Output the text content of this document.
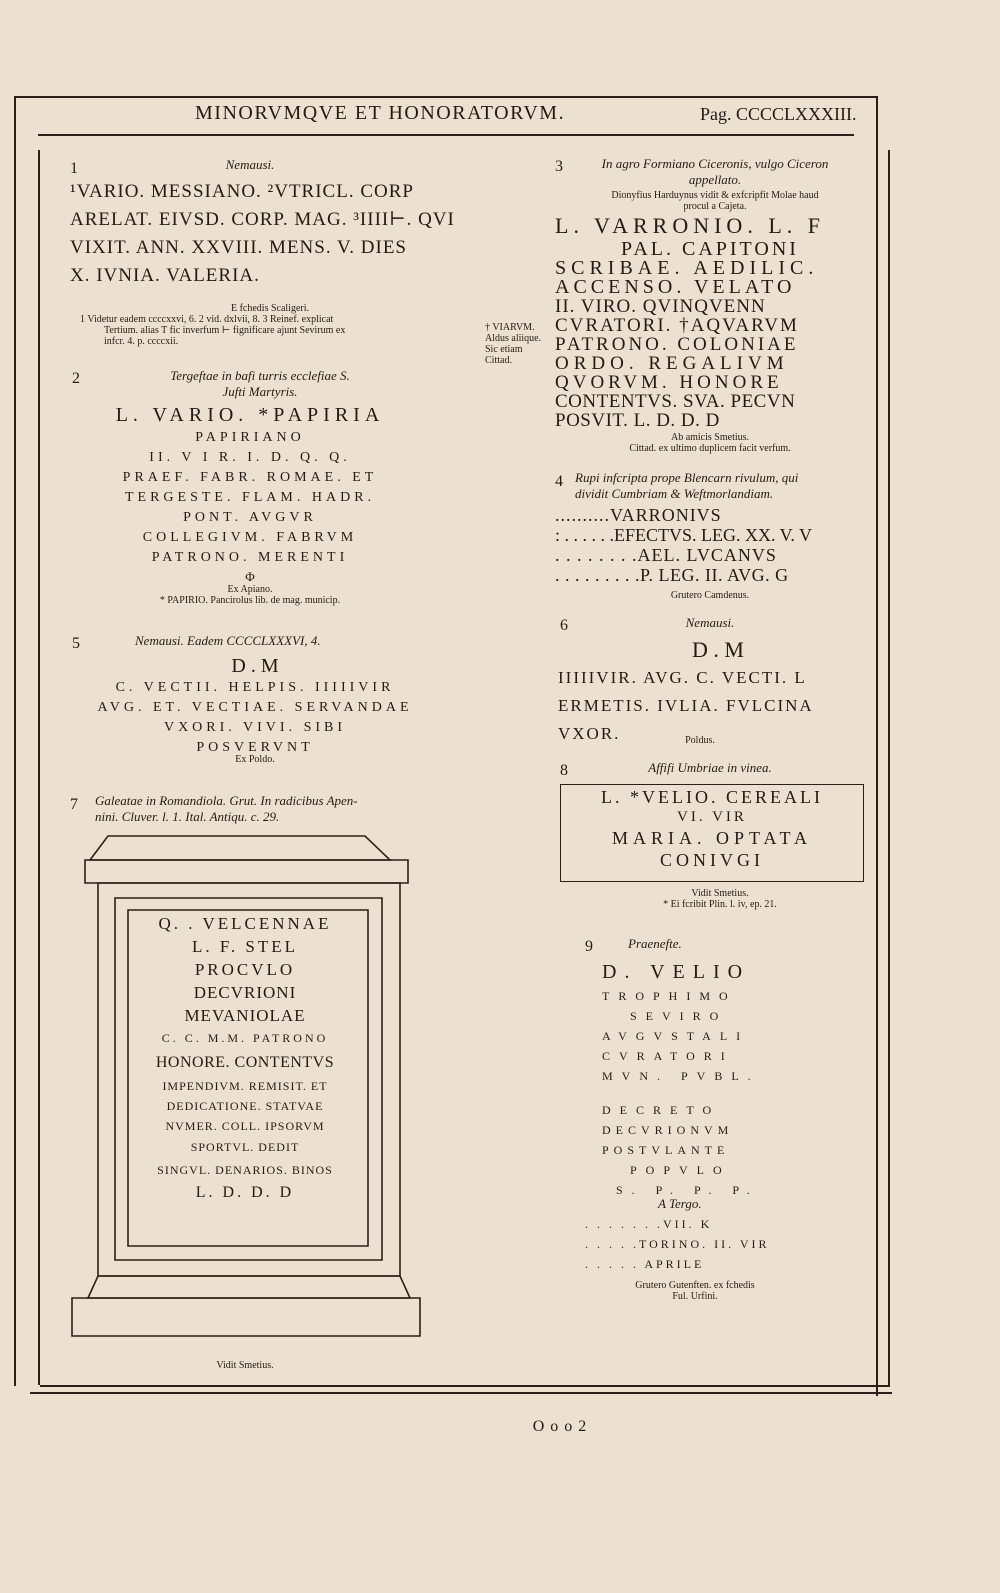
MINORVMQVE ET HONORATORVM.	Pag. CCCCLXXXIII.
1	Nemausi.
¹VARIO. MESSIANO. ²VTRICL. CORP
ARELAT. EIVSD. CORP. MAG. ³IIII⊢. QVI
VIXIT. ANN. XXVIII. MENS. V. DIES
X. IVNIA. VALERIA.
E fchedis Scaligeri.
1 Videtur eadem ccccxxvi, 6. 2 vid. dxlvii, 8. 3 Reinef. explicat
Tertium. alias T fic inverfum ⊢ fignificare ajunt Sevirum ex
infcr. 4. p. ccccxii.
2	Tergeftae in bafi turris ecclefiae S.
Jufti Martyris.
L. VARIO. *PAPIRIA
PAPIRIANO
II. V I R. I. D. Q. Q.
PRAEF. FABR. ROMAE. ET
TERGESTE. FLAM. HADR.
PONT. AVGVR
COLLEGIVM. FABRVM
PATRONO. MERENTI
Φ
Ex Apiano.
* PAPIRIO. Pancirolus lib. de mag. municip.
5	Nemausi. Eadem CCCCLXXXVI, 4.
D . M
C. VECTII. HELPIS. IIIIIVIR
AVG. ET. VECTIAE. SERVANDAE
VXORI. VIVI. SIBI
POSVERVNT
Ex Poldo.
7 Galeatae in Romandiola. Grut. In radicibus Apen-
nini. Cluver. l. 1. Ital. Antiqu. c. 29.
Q. . VELCENNAE
L. F. STEL
PROCVLO
DECVRIONI
MEVANIOLAE
C. C. M.M. PATRONO
HONORE. CONTENTVS
IMPENDIVM. REMISIT. ET
DEDICATIONE. STATVAE
NVMER. COLL. IPSORVM
SPORTVL. DEDIT
SINGVL. DENARIOS. BINOS
L. D. D. D
Vidit Smetius.
3	In agro Formiano Ciceronis, vulgo Ciceron
appellato.
Dionyfius Harduynus vidit & exfcripfit Molae haud
procul a Cajeta.
L. VARRONIO. L. F
PAL. CAPITONI
SCRIBAE. AEDILIC.
ACCENSO. VELATO
II. VIRO. QVINQVENN
CVRATORI. †AQVARVM
PATRONO. COLONIAE
ORDO. REGALIVM
QVORVM. HONORE
CONTENTVS. SVA. PECVN
POSVIT. L. D. D. D
† VIARVM.
Aldus aliique.
Sic etiam
Cittad.
Ab amicis Smetius.
Cittad. ex ultimo duplicem facit verfum.
4 Rupi infcripta prope Blencarn rivulum, qui
dividit Cumbriam & Weftmorlandiam.
..........VARRONIVS
: . . . . . .EFECTVS. LEG. XX. V. V
. . . . . . . .AEL. LVCANVS
. . . . . . . . .P. LEG. II. AVG. G
Grutero Camdenus.
6	Nemausi.
D . M
IIIIIVIR. AVG. C. VECTI. L
ERMETIS. IVLIA. FVLCINA
VXOR.	Poldus.
8	Affifi Umbriae in vinea.
L. *VELIO. CEREALI
VI. VIR
MARIA. OPTATA
CONIVGI
Vidit Smetius.
* Ei fcribit Plin. l. iv, ep. 21.
9	Praenefte.
D. VELIO
TROPHIMO
SEVIRO
AVGVSTALI
CVRATORI
MVN. PVBL.
DECRETO
DECVRIONVM
POSTVLANTE
POPVLO
S. P. P. P.
A Tergo.
. . . . . . .VII. K
. . . . .TORINO. II. VIR
. . . . . APRILE
Grutero Gutenften. ex fchedis
Ful. Urfini.
O o o 2
